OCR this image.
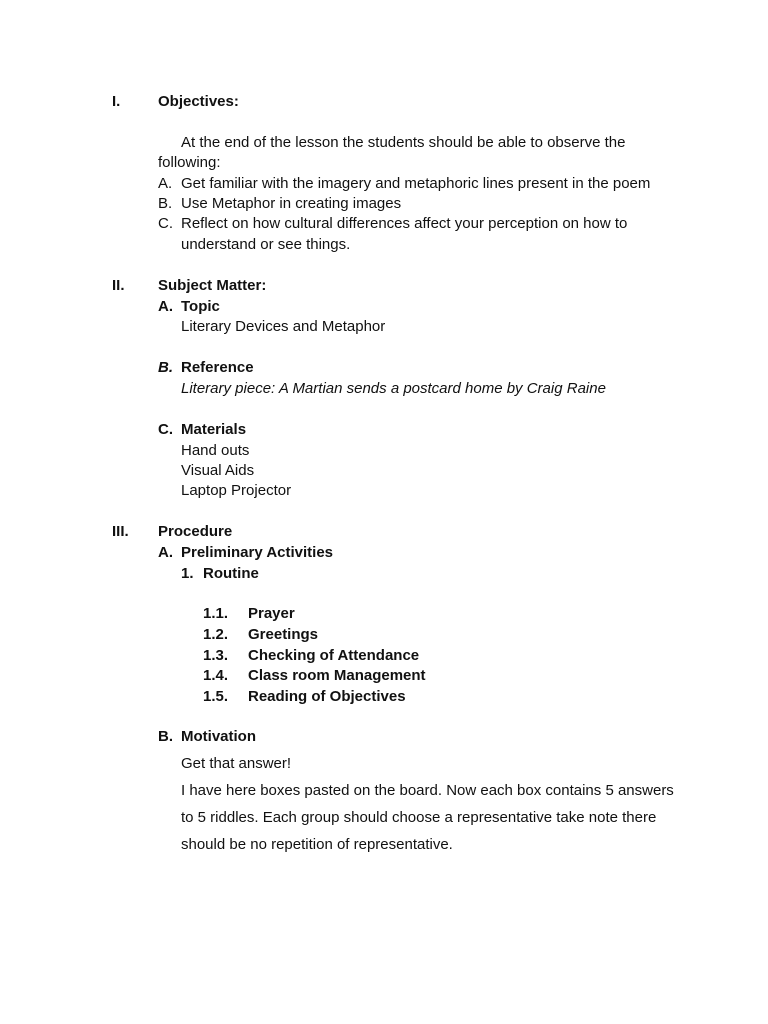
I.	Objectives:
At the end of the lesson the students should be able to observe the
following:
A. Get familiar with the imagery and metaphoric lines present in the poem
B. Use Metaphor in creating images
C. Reflect on how cultural differences affect your perception on how to
understand or see things.
II. Subject Matter:
A. Topic
Literary Devices and Metaphor
B. Reference
Literary piece: A Martian sends a postcard home by Craig Raine
C. Materials
Hand outs
Visual Aids
Laptop Projector
III. Procedure
A. Preliminary Activities
1. Routine
1.1. Prayer
1.2. Greetings
1.3. Checking of Attendance
1.4. Class room Management
1.5. Reading of Objectives
B. Motivation
Get that answer!
I have here boxes pasted on the board. Now each box contains 5 answers
to 5 riddles. Each group should choose a representative take note there
should be no repetition of representative.
